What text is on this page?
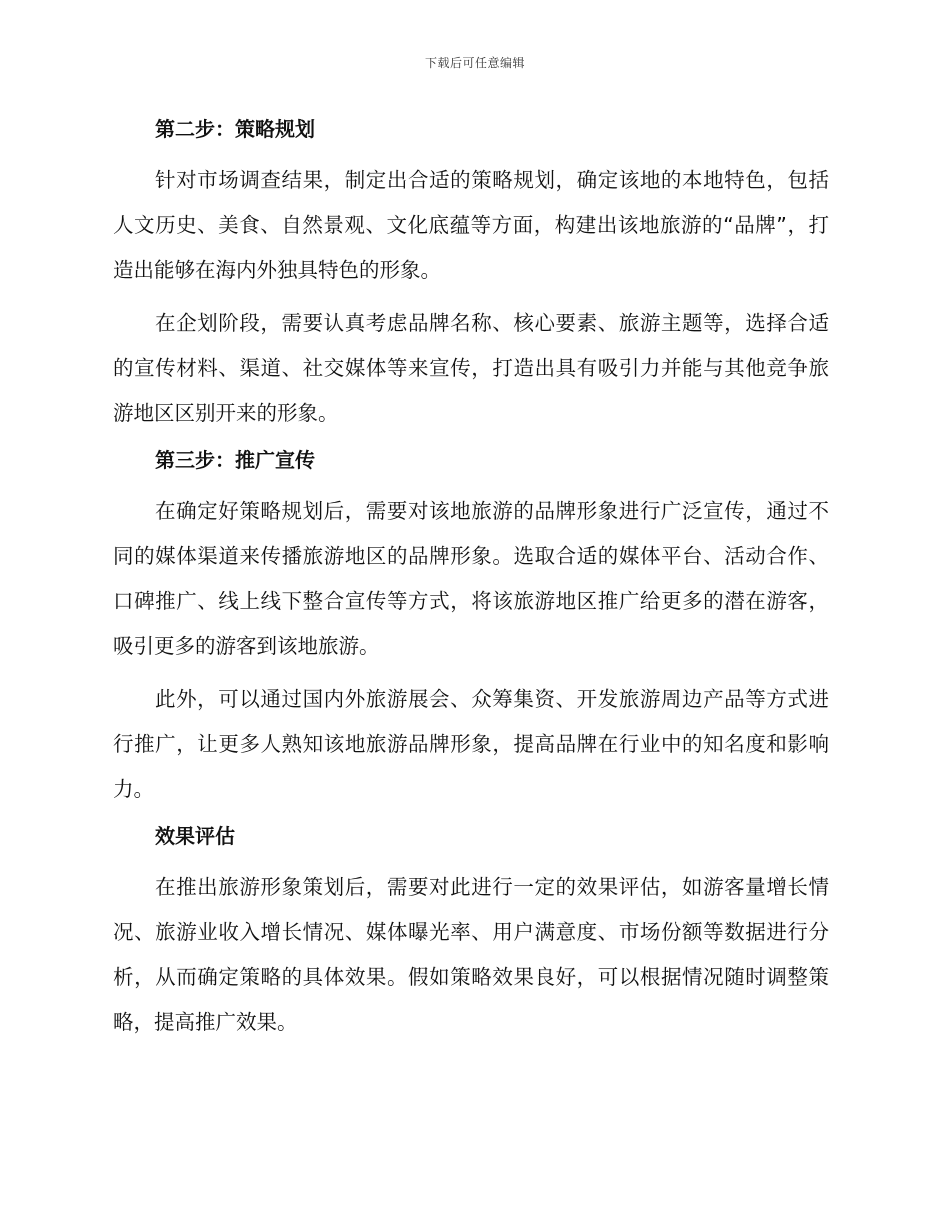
下载后可任意编辑
第二步：策略规划

针对市场调查结果，制定出合适的策略规划，确定该地的本地特色，包括人文历史、美食、自然景观、文化底蕴等方面，构建出该地旅游的“品牌”，打造出能够在海内外独具特色的形象。

在企划阶段，需要认真考虑品牌名称、核心要素、旅游主题等，选择合适的宣传材料、渠道、社交媒体等来宣传，打造出具有吸引力并能与其他竞争旅游地区区别开来的形象。

第三步：推广宣传

在确定好策略规划后，需要对该地旅游的品牌形象进行广泛宣传，通过不同的媒体渠道来传播旅游地区的品牌形象。选取合适的媒体平台、活动合作、口碑推广、线上线下整合宣传等方式，将该旅游地区推广给更多的潜在游客，吸引更多的游客到该地旅游。

此外，可以通过国内外旅游展会、众筹集资、开发旅游周边产品等方式进行推广，让更多人熟知该地旅游品牌形象，提高品牌在行业中的知名度和影响力。

效果评估

在推出旅游形象策划后，需要对此进行一定的效果评估，如游客量增长情况、旅游业收入增长情况、媒体曝光率、用户满意度、市场份额等数据进行分析，从而确定策略的具体效果。假如策略效果良好，可以根据情况随时调整策略，提高推广效果。
